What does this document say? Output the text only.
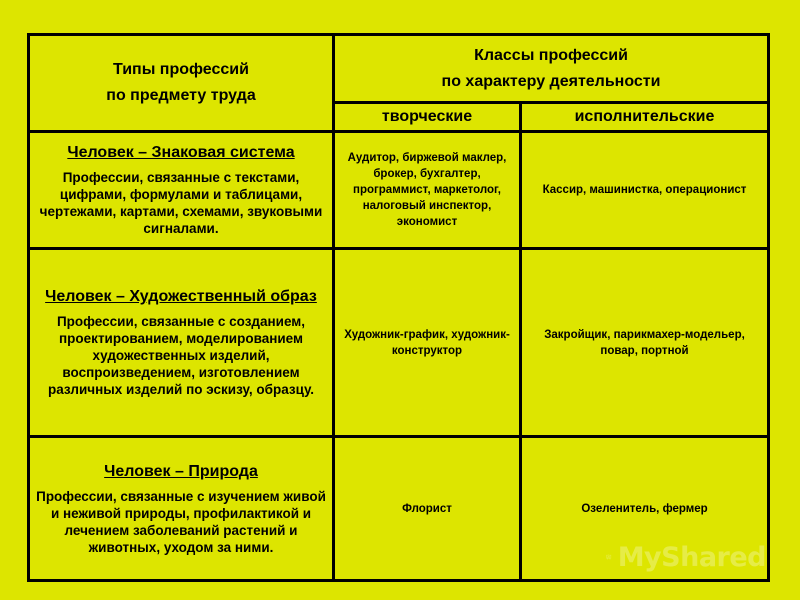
Типы профессий
по предмету труда	Классы профессий
по характеру деятельности	

	творческие	исполнительские

Человек – Знаковая система
Профессии, связанные с текстами, цифрами, формулами и таблицами, чертежами, картами, схемами, звуковыми сигналами.	Аудитор, биржевой маклер, брокер, бухгалтер, программист, маркетолог, налоговый инспектор, экономист	Кассир, машинистка, операционист

Человек – Художественный образ
Профессии, связанные с созданием, проектированием, моделированием художественных изделий, воспроизведением, изготовлением различных изделий по эскизу, образцу.	Художник-график, художник-конструктор	Закройщик, парикмахер-модельер, повар, портной

Человек – Природа
Профессии, связанные с изучением живой и неживой природы, профилактикой и лечением заболеваний растений и животных, уходом за ними.	Флорист	Озеленитель, фермер
MyShared
